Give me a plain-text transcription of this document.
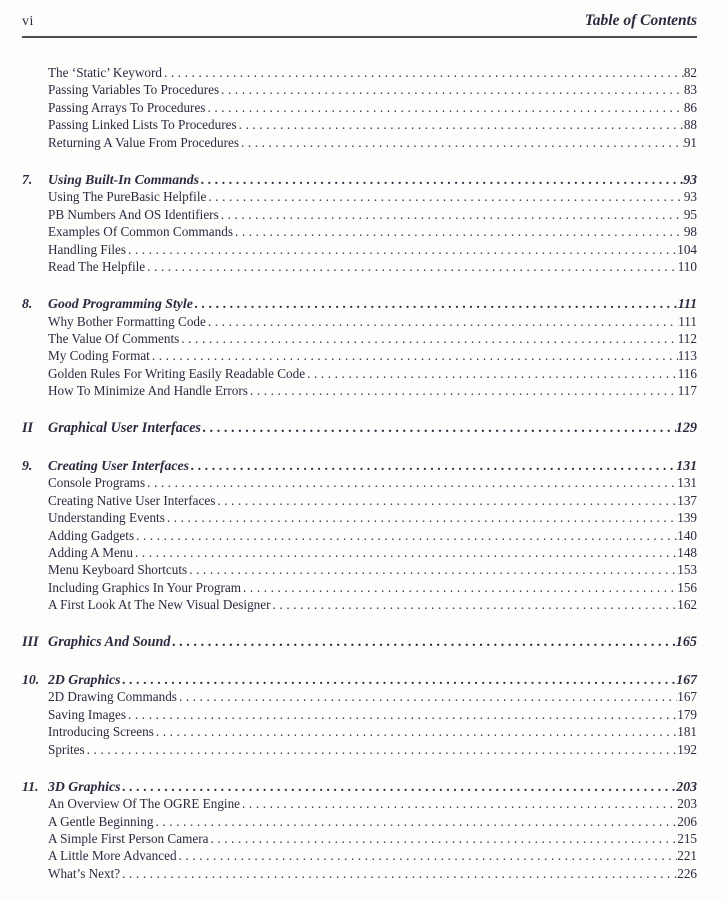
vi	Table of Contents
The ‘Static’ Keyword .....	82
Passing Variables To Procedures .....	83
Passing Arrays To Procedures .....	86
Passing Linked Lists To Procedures .....	88
Returning A Value From Procedures .....	91
7.	Using Built-In Commands .....	93
Using The PureBasic Helpfile .....	93
PB Numbers And OS Identifiers .....	95
Examples Of Common Commands .....	98
Handling Files .....	104
Read The Helpfile .....	110
8.	Good Programming Style .....	111
Why Bother Formatting Code .....	111
The Value Of Comments .....	112
My Coding Format .....	113
Golden Rules For Writing Easily Readable Code .....	116
How To Minimize And Handle Errors .....	117
II	Graphical User Interfaces .....	129
9.	Creating User Interfaces .....	131
Console Programs .....	131
Creating Native User Interfaces .....	137
Understanding Events .....	139
Adding Gadgets .....	140
Adding A Menu .....	148
Menu Keyboard Shortcuts .....	153
Including Graphics In Your Program .....	156
A First Look At The New Visual Designer .....	162
III Graphics And Sound .....	165
10. 2D Graphics .....	167
2D Drawing Commands .....	167
Saving Images .....	179
Introducing Screens .....	181
Sprites .....	192
11. 3D Graphics .....	203
An Overview Of The OGRE Engine .....	203
A Gentle Beginning .....	206
A Simple First Person Camera .....	215
A Little More Advanced .....	221
What’s Next? .....	226
